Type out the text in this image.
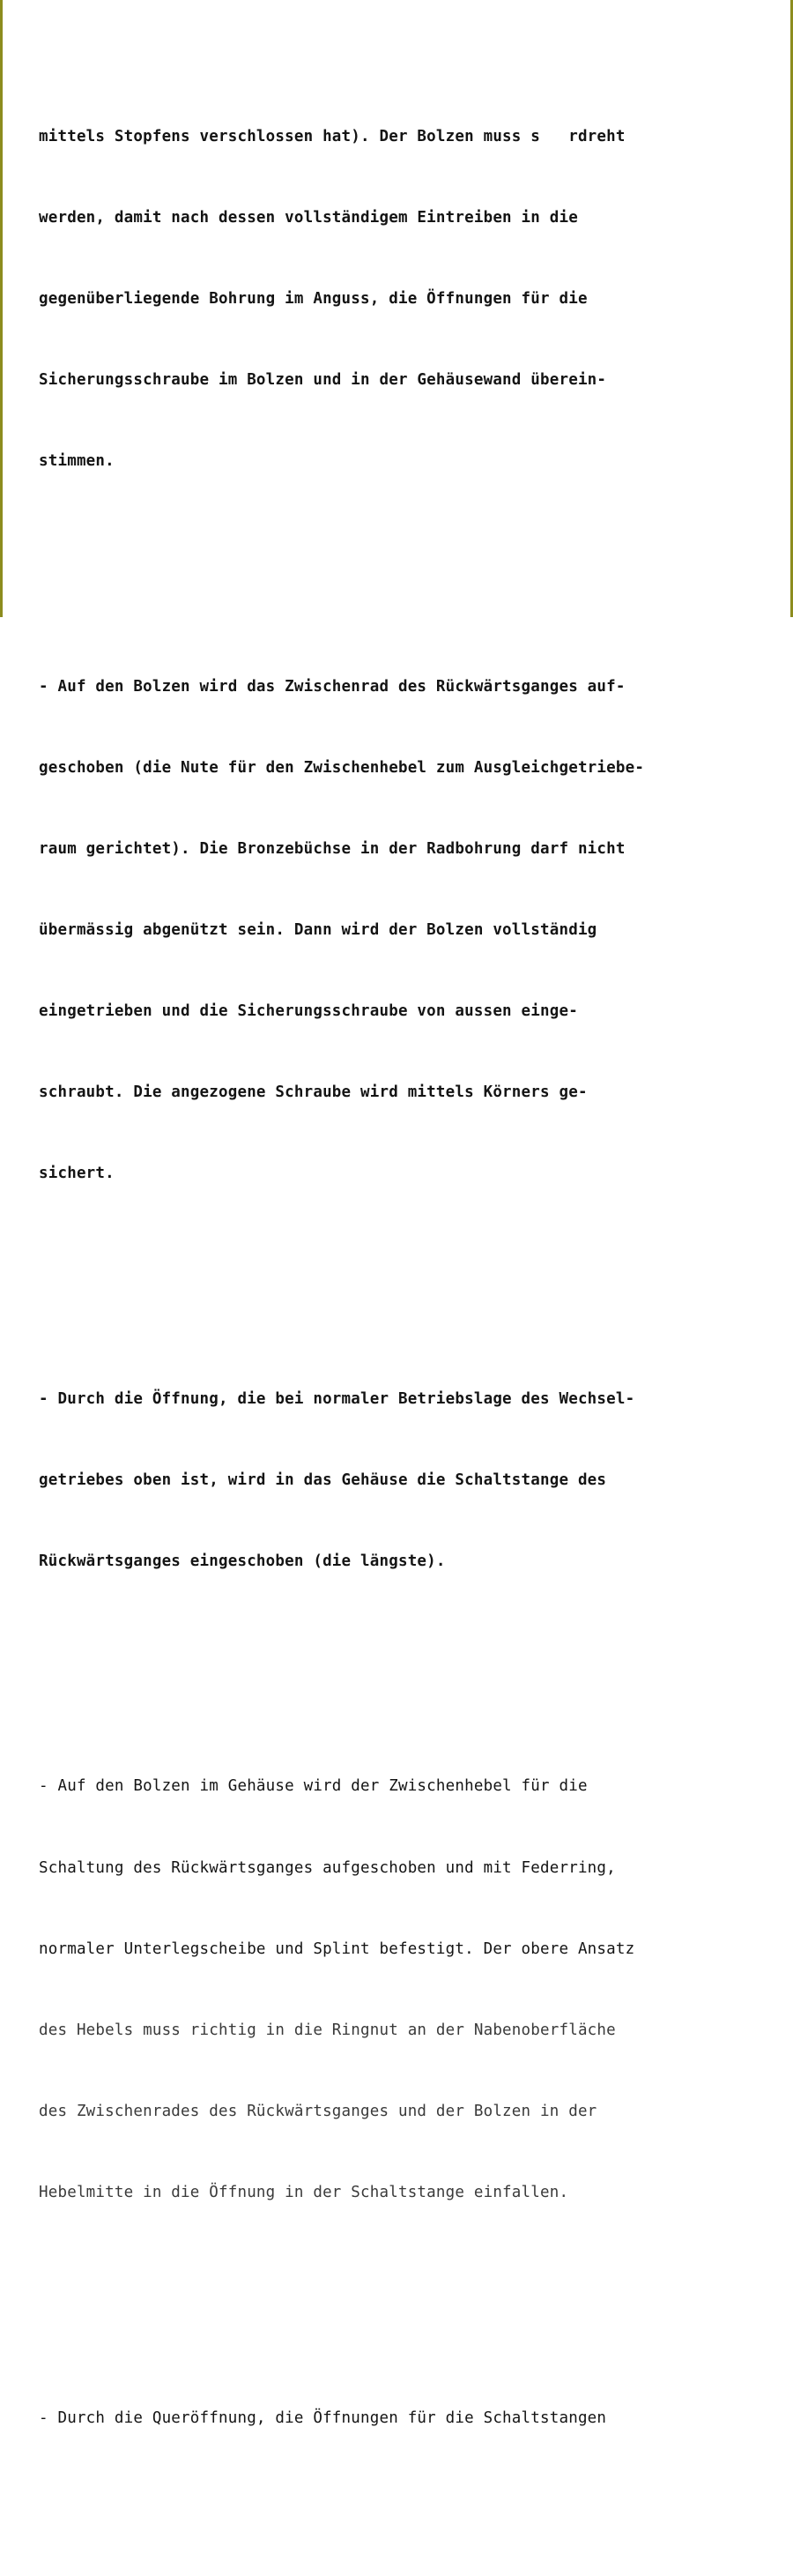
mittels Stopfens verschlossen hat). Der Bolzen muss s   rdreht

werden, damit nach dessen vollständigem Eintreiben in die

gegenüberliegende Bohrung im Anguss, die Öffnungen für die

Sicherungsschraube im Bolzen und in der Gehäusewand überein-

stimmen.

- Auf den Bolzen wird das Zwischenrad des Rückwärtsganges auf-

geschoben (die Nute für den Zwischenhebel zum Ausgleichgetriebe-

raum gerichtet). Die Bronzebüchse in der Radbohrung darf nicht

übermässig abgenützt sein. Dann wird der Bolzen vollständig

eingetrieben und die Sicherungsschraube von aussen einge-

schraubt. Die angezogene Schraube wird mittels Körners ge-

sichert.

- Durch die Öffnung, die bei normaler Betriebslage des Wechsel-

getriebes oben ist, wird in das Gehäuse die Schaltstange des

Rückwärtsganges eingeschoben (die längste).

- Auf den Bolzen im Gehäuse wird der Zwischenhebel für die

Schaltung des Rückwärtsganges aufgeschoben und mit Federring,

normaler Unterlegscheibe und Splint befestigt. Der obere Ansatz

des Hebels muss richtig in die Ringnut an der Nabenoberfläche

des Zwischenrades des Rückwärtsganges und der Bolzen in der

Hebelmitte in die Öffnung in der Schaltstange einfallen.

- Durch die Queröffnung, die Öffnungen für die Schaltstangen
